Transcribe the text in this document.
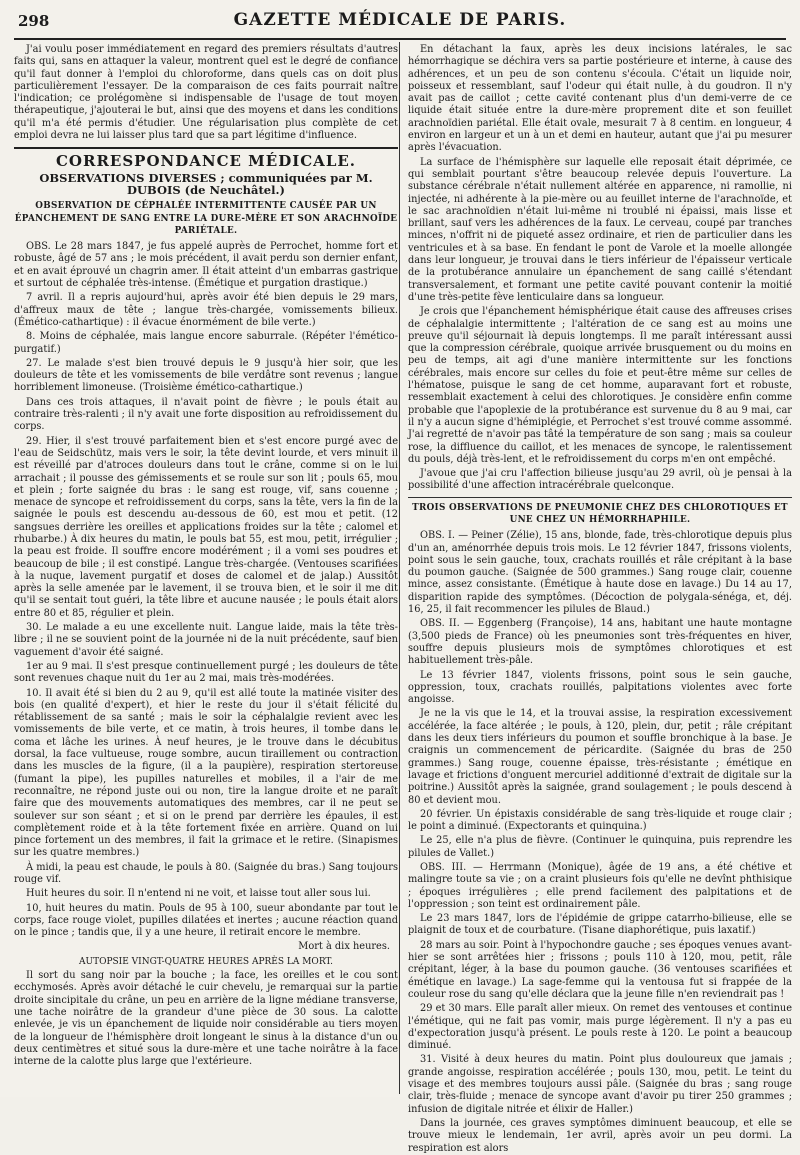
298	GAZETTE MÉDICALE DE PARIS.

J'ai voulu poser immédiatement en regard des premiers résultats d'autres faits qui, sans en attaquer la valeur, montrent quel est le degré de confiance qu'il faut donner à l'emploi du chloroforme, dans quels cas on doit plus particulièrement l'essayer. De la comparaison de ces faits pourrait naître l'indication; ce prolégomène si indispensable de l'usage de tout moyen thérapeutique, j'ajouterai le but, ainsi que des moyens et dans les conditions qu'il m'a été permis d'étudier. Une régularisation plus complète de cet emploi devra ne lui laisser plus tard que sa part légitime d'influence.

CORRESPONDANCE MÉDICALE.

OBSERVATIONS DIVERSES ; communiquées par M. DUBOIS (de Neuchâtel.)

OBSERVATION DE CÉPHALÉE INTERMITTENTE CAUSÉE PAR UN ÉPANCHEMENT DE SANG ENTRE LA DURE-MÈRE ET SON ARACHNOÏDE PARIÉTALE.

OBS. Le 28 mars 1847, je fus appelé auprès de Perrochet, homme fort et robuste, âgé de 57 ans ; le mois précédent, il avait perdu son dernier enfant, et en avait éprouvé un chagrin amer. Il était atteint d'un embarras gastrique et surtout de céphalée très-intense. (Émétique et purgation drastique.)

7 avril. Il a repris aujourd'hui, après avoir été bien depuis le 29 mars, d'affreux maux de tête ; langue très-chargée, vomissements bilieux. (Émético-cathartique) : il évacue énormément de bile verte.)

8. Moins de céphalée, mais langue encore saburrale. (Répéter l'émético-purgatif.)

27. Le malade s'est bien trouvé depuis le 9 jusqu'à hier soir, que les douleurs de tête et les vomissements de bile verdâtre sont revenus ; langue horriblement limoneuse. (Troisième émético-cathartique.)

Dans ces trois attaques, il n'avait point de fièvre ; le pouls était au contraire très-ralenti ; il n'y avait une forte disposition au refroidissement du corps.

29. Hier, il s'est trouvé parfaitement bien et s'est encore purgé avec de l'eau de Seidschütz, mais vers le soir, la tête devint lourde, et vers minuit il est réveillé par d'atroces douleurs dans tout le crâne, comme si on le lui arrachait ; il pousse des gémissements et se roule sur son lit ; pouls 65, mou et plein ; forte saignée du bras : le sang est rouge, vif, sans couenne ; menace de syncope et refroidissement du corps, sans la tête, vers la fin de la saignée le pouls est descendu au-dessous de 60, est mou et petit. (12 sangsues derrière les oreilles et applications froides sur la tête ; calomel et rhubarbe.) À dix heures du matin, le pouls bat 55, est mou, petit, irrégulier ; la peau est froide. Il souffre encore modérément ; il a vomi ses poudres et beaucoup de bile ; il est constipé. Langue très-chargée. (Ventouses scarifiées à la nuque, lavement purgatif et doses de calomel et de jalap.) Aussitôt après la selle amenée par le lavement, il se trouva bien, et le soir il me dit qu'il se sentait tout guéri, la tête libre et aucune nausée ; le pouls était alors entre 80 et 85, régulier et plein.

30. Le malade a eu une excellente nuit. Langue laide, mais la tête très-libre ; il ne se souvient point de la journée ni de la nuit précédente, sauf bien vaguement d'avoir été saigné.

1er au 9 mai. Il s'est presque continuellement purgé ; les douleurs de tête sont revenues chaque nuit du 1er au 2 mai, mais très-modérées.

10. Il avait été si bien du 2 au 9, qu'il est allé toute la matinée visiter des bois (en qualité d'expert), et hier le reste du jour il s'était félicité du rétablissement de sa santé ; mais le soir la céphalalgie revient avec les vomissements de bile verte, et ce matin, à trois heures, il tombe dans le coma et lâche les urines. À neuf heures, je le trouve dans le décubitus dorsal, la face vultueuse, rouge sombre, aucun tiraillement ou contraction dans les muscles de la figure, (il a la paupière), respiration stertoreuse (fumant la pipe), les pupilles naturelles et mobiles, il a l'air de me reconnaître, ne répond juste oui ou non, tire la langue droite et ne paraît faire que des mouvements automatiques des membres, car il ne peut se soulever sur son séant ; et si on le prend par derrière les épaules, il est complètement roide et à la tête fortement fixée en arrière. Quand on lui pince fortement un des membres, il fait la grimace et le retire. (Sinapismes sur les quatre membres.)

À midi, la peau est chaude, le pouls à 80. (Saignée du bras.) Sang toujours rouge vif.

Huit heures du soir. Il n'entend ni ne voit, et laisse tout aller sous lui.

10, huit heures du matin. Pouls de 95 à 100, sueur abondante par tout le corps, face rouge violet, pupilles dilatées et inertes ; aucune réaction quand on le pince ; tandis que, il y a une heure, il retirait encore le membre.

Mort à dix heures.

AUTOPSIE VINGT-QUATRE HEURES APRÈS LA MORT.

Il sort du sang noir par la bouche ; la face, les oreilles et le cou sont ecchymosés. Après avoir détaché le cuir chevelu, je remarquai sur la partie droite sincipitale du crâne, un peu en arrière de la ligne médiane transverse, une tache noirâtre de la grandeur d'une pièce de 30 sous. La calotte enlevée, je vis un épanchement de liquide noir considérable au tiers moyen de la longueur de l'hémisphère droit longeant le sinus à la distance d'un ou deux centimètres et situé sous la dure-mère et une tache noirâtre à la face interne de la calotte plus large que l'extérieure.

En détachant la faux, après les deux incisions latérales, le sac hémorrhagique se déchira vers sa partie postérieure et interne, à cause des adhérences, et un peu de son contenu s'écoula. C'était un liquide noir, poisseux et ressemblant, sauf l'odeur qui était nulle, à du goudron. Il n'y avait pas de caillot ; cette cavité contenant plus d'un demi-verre de ce liquide était située entre la dure-mère proprement dite et son feuillet arachnoïdien pariétal. Elle était ovale, mesurait 7 à 8 centim. en longueur, 4 environ en largeur et un à un et demi en hauteur, autant que j'ai pu mesurer après l'évacuation.

La surface de l'hémisphère sur laquelle elle reposait était déprimée, ce qui semblait pourtant s'être beaucoup relevée depuis l'ouverture. La substance cérébrale n'était nullement altérée en apparence, ni ramollie, ni injectée, ni adhérente à la pie-mère ou au feuillet interne de l'arachnoïde, et le sac arachnoïdien n'était lui-même ni troublé ni épaissi, mais lisse et brillant, sauf vers les adhérences de la faux. Le cerveau, coupé par tranches minces, n'offrit ni de piqueté assez ordinaire, et rien de particulier dans les ventricules et à sa base. En fendant le pont de Varole et la moelle allongée dans leur longueur, je trouvai dans le tiers inférieur de l'épaisseur verticale de la protubérance annulaire un épanchement de sang caillé s'étendant transversalement, et formant une petite cavité pouvant contenir la moitié d'une très-petite fève lenticulaire dans sa longueur.

Je crois que l'épanchement hémisphérique était cause des affreuses crises de céphalalgie intermittente ; l'altération de ce sang est au moins une preuve qu'il séjournait là depuis longtemps. Il me paraît intéressant aussi que la compression cérébrale, quoique arrivée brusquement ou du moins en peu de temps, ait agi d'une manière intermittente sur les fonctions cérébrales, mais encore sur celles du foie et peut-être même sur celles de l'hématose, puisque le sang de cet homme, auparavant fort et robuste, ressemblait exactement à celui des chlorotiques. Je considère enfin comme probable que l'apoplexie de la protubérance est survenue du 8 au 9 mai, car il n'y a aucun signe d'hémiplégie, et Perrochet s'est trouvé comme assommé. J'ai regretté de n'avoir pas tâté la température de son sang ; mais sa couleur rose, la diffluence du caillot, et les menaces de syncope, le ralentissement du pouls, déjà très-lent, et le refroidissement du corps m'en ont empêché.

J'avoue que j'ai cru l'affection bilieuse jusqu'au 29 avril, où je pensai à la possibilité d'une affection intracérébrale quelconque.

TROIS OBSERVATIONS DE PNEUMONIE CHEZ DES CHLOROTIQUES ET UNE CHEZ UN HÉMORRHAPHILE.

OBS. I. — Peiner (Zélie), 15 ans, blonde, fade, très-chlorotique depuis plus d'un an, aménorrhée depuis trois mois. Le 12 février 1847, frissons violents, point sous le sein gauche, toux, crachats rouillés et râle crépitant à la base du poumon gauche. (Saignée de 500 grammes.) Sang rouge clair, couenne mince, assez consistante. (Émétique à haute dose en lavage.) Du 14 au 17, disparition rapide des symptômes. (Décoction de polygala-sénéga, et, déj. 16, 25, il fait recommencer les pilules de Blaud.)

OBS. II. — Eggenberg (Françoise), 14 ans, habitant une haute montagne (3,500 pieds de France) où les pneumonies sont très-fréquentes en hiver, souffre depuis plusieurs mois de symptômes chlorotiques et est habituellement très-pâle.

Le 13 février 1847, violents frissons, point sous le sein gauche, oppression, toux, crachats rouillés, palpitations violentes avec forte angoisse.

Je ne la vis que le 14, et la trouvai assise, la respiration excessivement accélérée, la face altérée ; le pouls, à 120, plein, dur, petit ; râle crépitant dans les deux tiers inférieurs du poumon et souffle bronchique à la base. Je craignis un commencement de péricardite. (Saignée du bras de 250 grammes.) Sang rouge, couenne épaisse, très-résistante ; émétique en lavage et frictions d'onguent mercuriel additionné d'extrait de digitale sur la poitrine.) Aussitôt après la saignée, grand soulagement ; le pouls descend à 80 et devient mou.

20 février. Un épistaxis considérable de sang très-liquide et rouge clair ; le point a diminué. (Expectorants et quinquina.)

Le 25, elle n'a plus de fièvre. (Continuer le quinquina, puis reprendre les pilules de Vallet.)

OBS. III. — Herrmann (Monique), âgée de 19 ans, a été chétive et malingre toute sa vie ; on a craint plusieurs fois qu'elle ne devînt phthisique ; époques irrégulières ; elle prend facilement des palpitations et de l'oppression ; son teint est ordinairement pâle.

Le 23 mars 1847, lors de l'épidémie de grippe catarrho-bilieuse, elle se plaignit de toux et de courbature. (Tisane diaphorétique, puis laxatif.)

28 mars au soir. Point à l'hypochondre gauche ; ses époques venues avant-hier se sont arrêtées hier ; frissons ; pouls 110 à 120, mou, petit, râle crépitant, léger, à la base du poumon gauche. (36 ventouses scarifiées et émétique en lavage.) La sage-femme qui la ventousa fut si frappée de la couleur rose du sang qu'elle déclara que la jeune fille n'en reviendrait pas !

29 et 30 mars. Elle paraît aller mieux. On remet des ventouses et continue l'émétique, qui ne fait pas vomir, mais purge légèrement. Il n'y a pas eu d'expectoration jusqu'à présent. Le pouls reste à 120. Le point a beaucoup diminué.

31. Visité à deux heures du matin. Point plus douloureux que jamais ; grande angoisse, respiration accélérée ; pouls 130, mou, petit. Le teint du visage et des membres toujours aussi pâle. (Saignée du bras ; sang rouge clair, très-fluide ; menace de syncope avant d'avoir pu tirer 250 grammes ; infusion de digitale nitrée et élixir de Haller.)

Dans la journée, ces graves symptômes diminuent beaucoup, et elle se trouve mieux le lendemain, 1er avril, après avoir un peu dormi. La respiration est alors
